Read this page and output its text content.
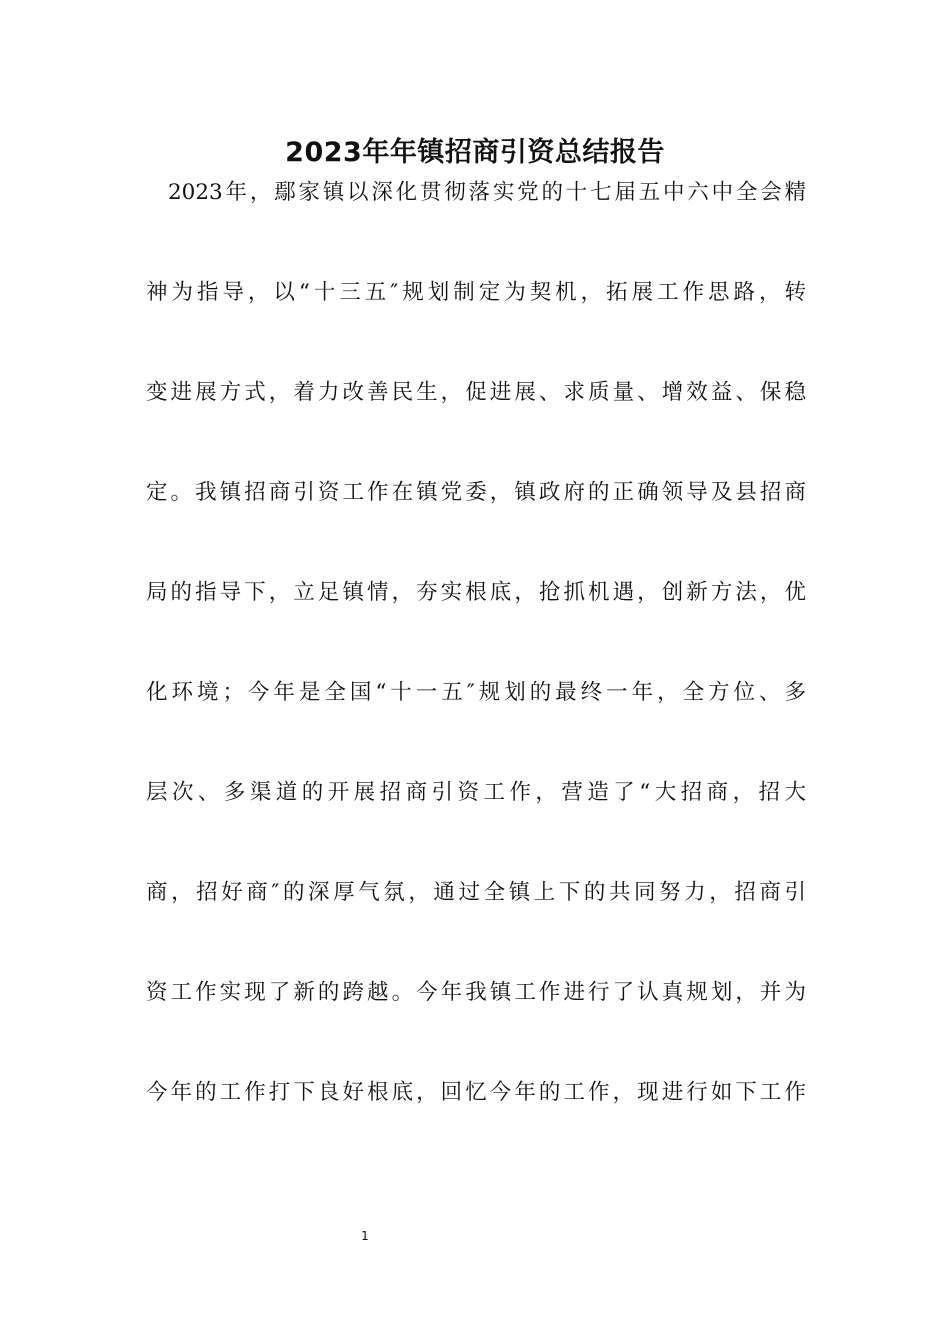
2023年年镇招商引资总结报告
2023年，鄢家镇以深化贯彻落实党的十七届五中六中全会精
神为指导，以“十三五″规划制定为契机，拓展工作思路，转
变进展方式，着力改善民生，促进展、求质量、增效益、保稳
定。我镇招商引资工作在镇党委，镇政府的正确领导及县招商
局的指导下，立足镇情，夯实根底，抢抓机遇，创新方法，优
化环境；今年是全国“十一五″规划的最终一年，全方位、多
层次、多渠道的开展招商引资工作，营造了“大招商，招大
商，招好商″的深厚气氛，通过全镇上下的共同努力，招商引
资工作实现了新的跨越。今年我镇工作进行了认真规划，并为
今年的工作打下良好根底，回忆今年的工作，现进行如下工作
1
